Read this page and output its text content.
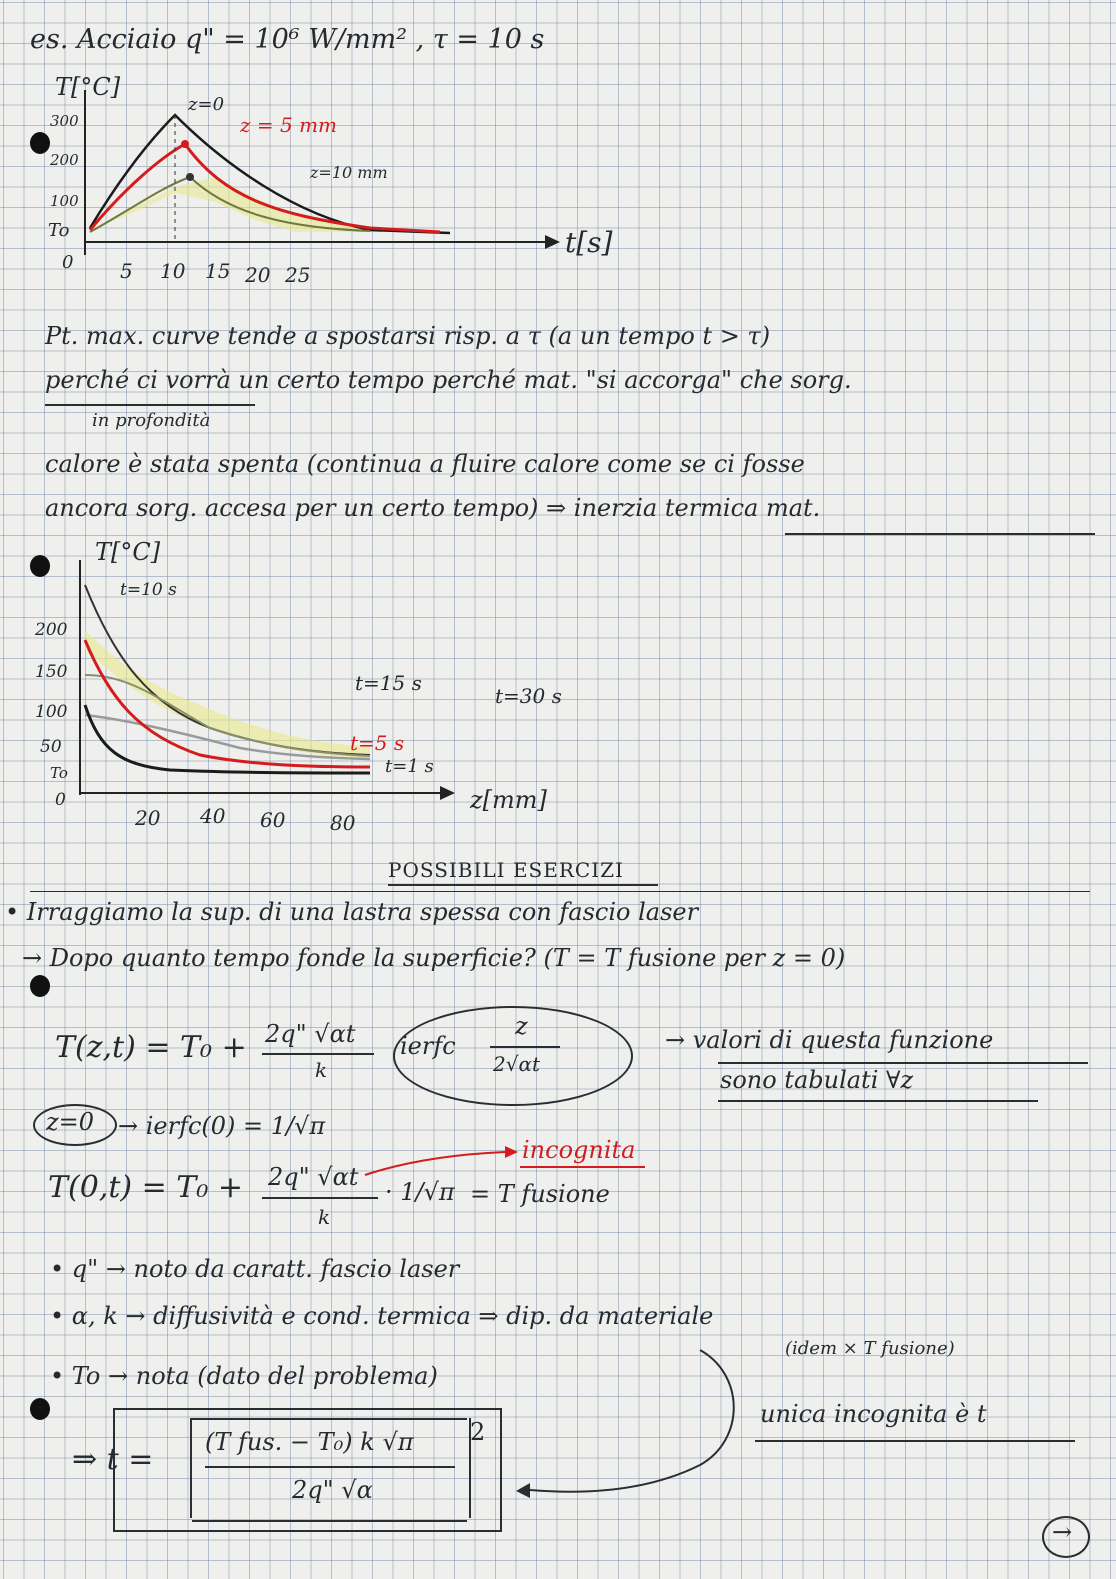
es. Acciaio q" = 10⁶ W/mm² , τ = 10 s
T[°C]
300
200
100
To
0 5 10 15 20 25
t[s]
z=0
z = 5 mm
z=10 mm
Pt. max. curve tende a spostarsi risp. a τ (a un tempo t > τ)
perché ci vorrà un certo tempo perché mat. "si accorga" che sorg.
in profondità
calore è stata spenta (continua a fluire calore come se ci fosse
ancora sorg. accesa per un certo tempo) ⇒ inerzia termica mat.
T[°C]
200
150
100
50
To
0
20 40 60 80
z[mm]
t=10 s
t=15 s
t=30 s
t=5 s
t=1 s
POSSIBILI ESERCIZI
• Irraggiamo la sup. di una lastra spessa con fascio laser
→ Dopo quanto tempo fonde la superficie? (T = T fusione per z = 0)
T(z,t) = T₀ + 2q" √αt
k
ierfc
z
2√αt
→ valori di questa funzione
sono tabulati ∀z
z=0 → ierfc(0) = 1/√π
T(0,t) = T₀ + 2q" √αt
k
· 1/√π = T fusione
incognita
• q" → noto da caratt. fascio laser
• α, k → diffusività e cond. termica ⇒ dip. da materiale
(idem × T fusione)
• To → nota (dato del problema)
unica incognita è t
⇒ t = (T fus. − T₀) k √π
2q" √α
2
→
